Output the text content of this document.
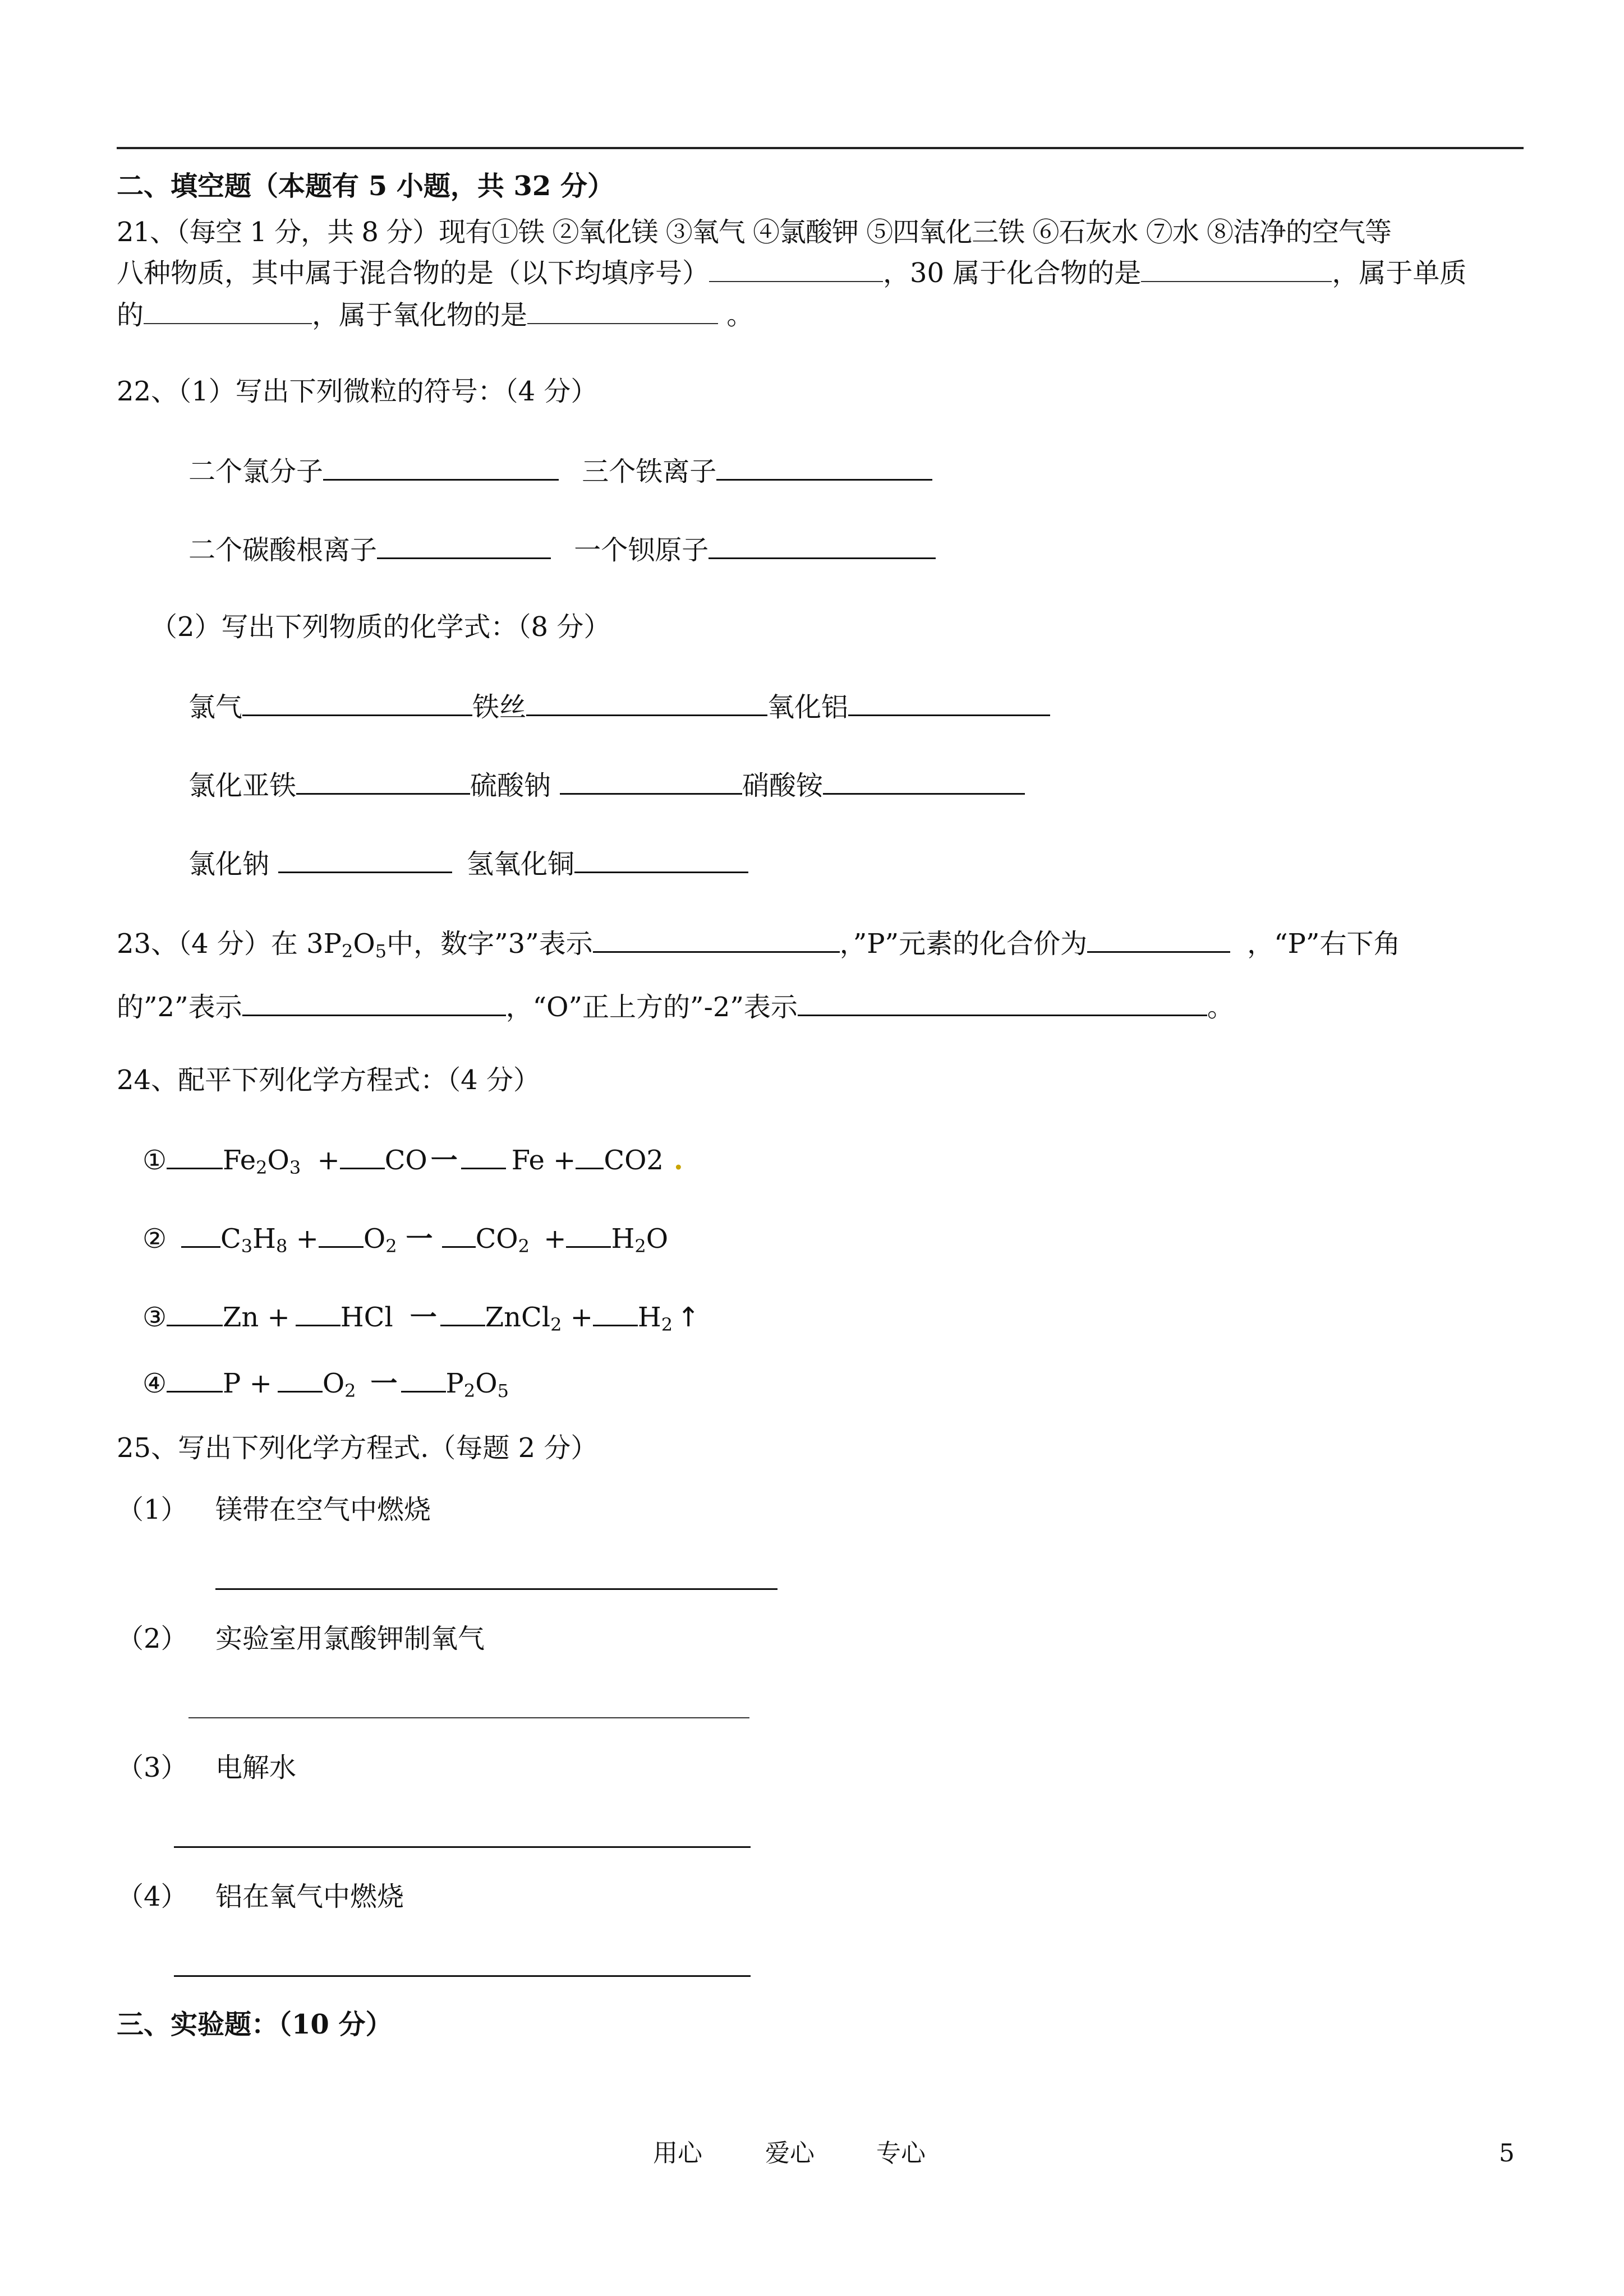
二、填空题（本题有 5 小题，共 32 分）
21、（每空 1 分，共 8 分）现有①铁 ②氧化镁 ③氧气 ④氯酸钾 ⑤四氧化三铁 ⑥石灰水 ⑦水 ⑧洁净的空气等
八种物质，其中属于混合物的是（以下均填序号）	，30 属于化合物的是	，属于单质
的	，属于氧化物的是	。
22、（1）写出下列微粒的符号：（4 分）
二个氯分子	三个铁离子
二个碳酸根离子	一个钡原子
（2）写出下列物质的化学式：（8 分）
氯气	铁丝	氧化铝
氯化亚铁	硫酸钠	硝酸铵
氯化钠	氢氧化铜
23、（4 分）在 $3P_2O_5$中，数字”3”表示	，”P”元素的化合价为	，“P”右下角
的”2”表示	，“O”正上方的”-2”表示	。
24、配平下列化学方程式：（4 分）
① $Fe_2O_3$ + CO 一 Fe + CO2 .
② $C_3H_8 + O_2$ 一 $CO_2 + H_2O$
③ Zn + HCl 一 ZnCl$_2$ + $H_2$ ↑
④ $P + O_2$ 一 $P_2O_5$
25、写出下列化学方程式.（每题 2 分）
（1） 镁带在空气中燃烧
（2） 实验室用氯酸钾制氧气
（3） 电解水
（4） 铝在氧气中燃烧
三、实验题：（10 分）
用心	爱心	专心	5
